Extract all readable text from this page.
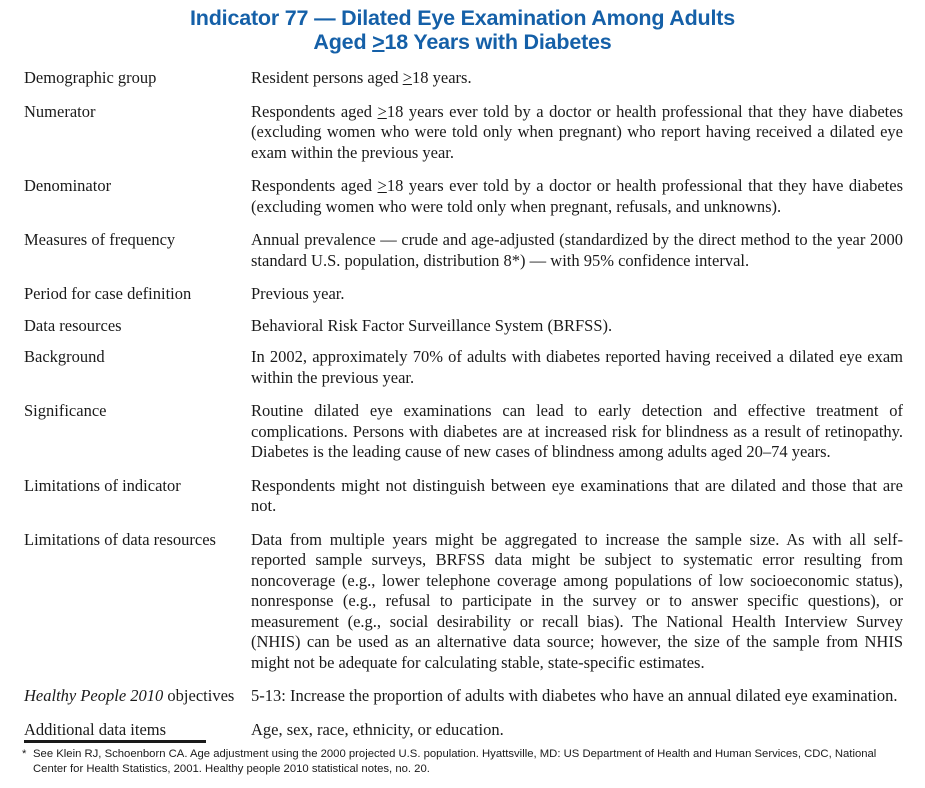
Indicator 77 — Dilated Eye Examination Among Adults
Aged >18 Years with Diabetes
Demographic group	Resident persons aged >18 years.
Numerator	Respondents aged >18 years ever told by a doctor or health professional that they have diabetes (excluding women who were told only when pregnant) who report having received a dilated eye exam within the previous year.
Denominator	Respondents aged >18 years ever told by a doctor or health professional that they have diabetes (excluding women who were told only when pregnant, refusals, and unknowns).
Measures of frequency	Annual prevalence — crude and age-adjusted (standardized by the direct method to the year 2000 standard U.S. population, distribution 8*) — with 95% confidence interval.
Period for case definition	Previous year.
Data resources	Behavioral Risk Factor Surveillance System (BRFSS).
Background	In 2002, approximately 70% of adults with diabetes reported having received a dilated eye exam within the previous year.
Significance	Routine dilated eye examinations can lead to early detection and effective treatment of complications. Persons with diabetes are at increased risk for blindness as a result of retinopathy. Diabetes is the leading cause of new cases of blindness among adults aged 20–74 years.
Limitations of indicator	Respondents might not distinguish between eye examinations that are dilated and those that are not.
Limitations of data resources	Data from multiple years might be aggregated to increase the sample size. As with all self-reported sample surveys, BRFSS data might be subject to systematic error resulting from noncoverage (e.g., lower telephone coverage among populations of low socioeconomic status), nonresponse (e.g., refusal to participate in the survey or to answer specific questions), or measurement (e.g., social desirability or recall bias). The National Health Interview Survey (NHIS) can be used as an alternative data source; however, the size of the sample from NHIS might not be adequate for calculating stable, state-specific estimates.
Healthy People 2010 objectives	5-13: Increase the proportion of adults with diabetes who have an annual dilated eye examination.
Additional data items	Age, sex, race, ethnicity, or education.
* See Klein RJ, Schoenborn CA. Age adjustment using the 2000 projected U.S. population. Hyattsville, MD: US Department of Health and Human Services, CDC, National Center for Health Statistics, 2001. Healthy people 2010 statistical notes, no. 20.
